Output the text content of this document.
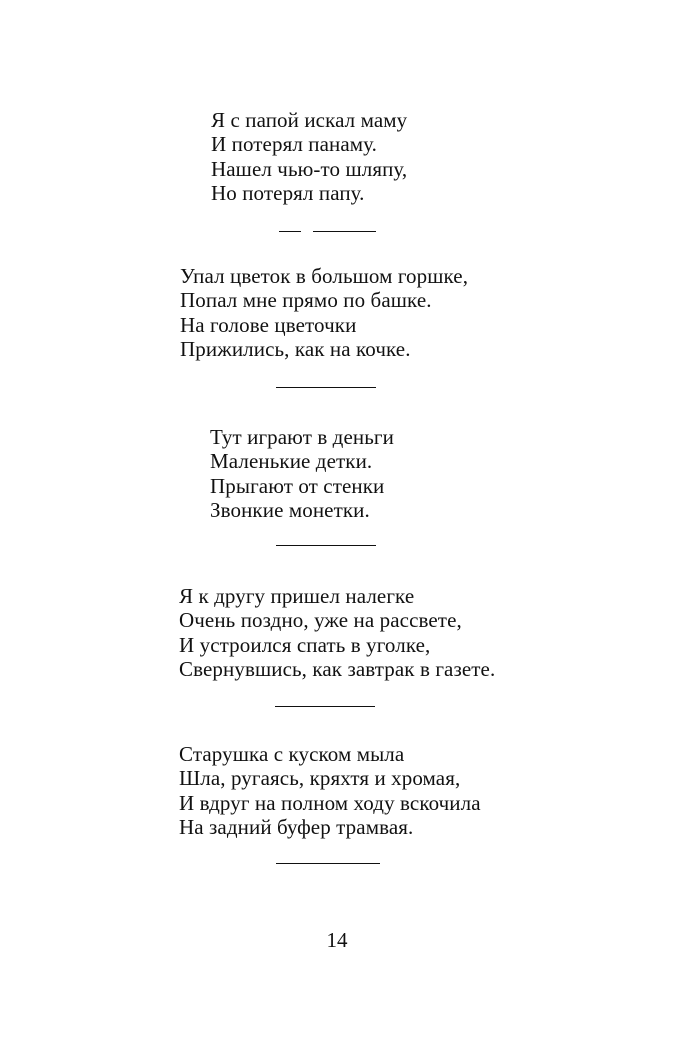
Я с папой искал маму
И потерял панаму.
Нашел чью-то шляпу,
Но потерял папу.
Упал цветок в большом горшке,
Попал мне прямо по башке.
На голове цветочки
Прижились, как на кочке.
Тут играют в деньги
Маленькие детки.
Прыгают от стенки
Звонкие монетки.
Я к другу пришел налегке
Очень поздно, уже на рассвете,
И устроился спать в уголке,
Свернувшись, как завтрак в газете.
Старушка с куском мыла
Шла, ругаясь, кряхтя и хромая,
И вдруг на полном ходу вскочила
На задний буфер трамвая.
14
